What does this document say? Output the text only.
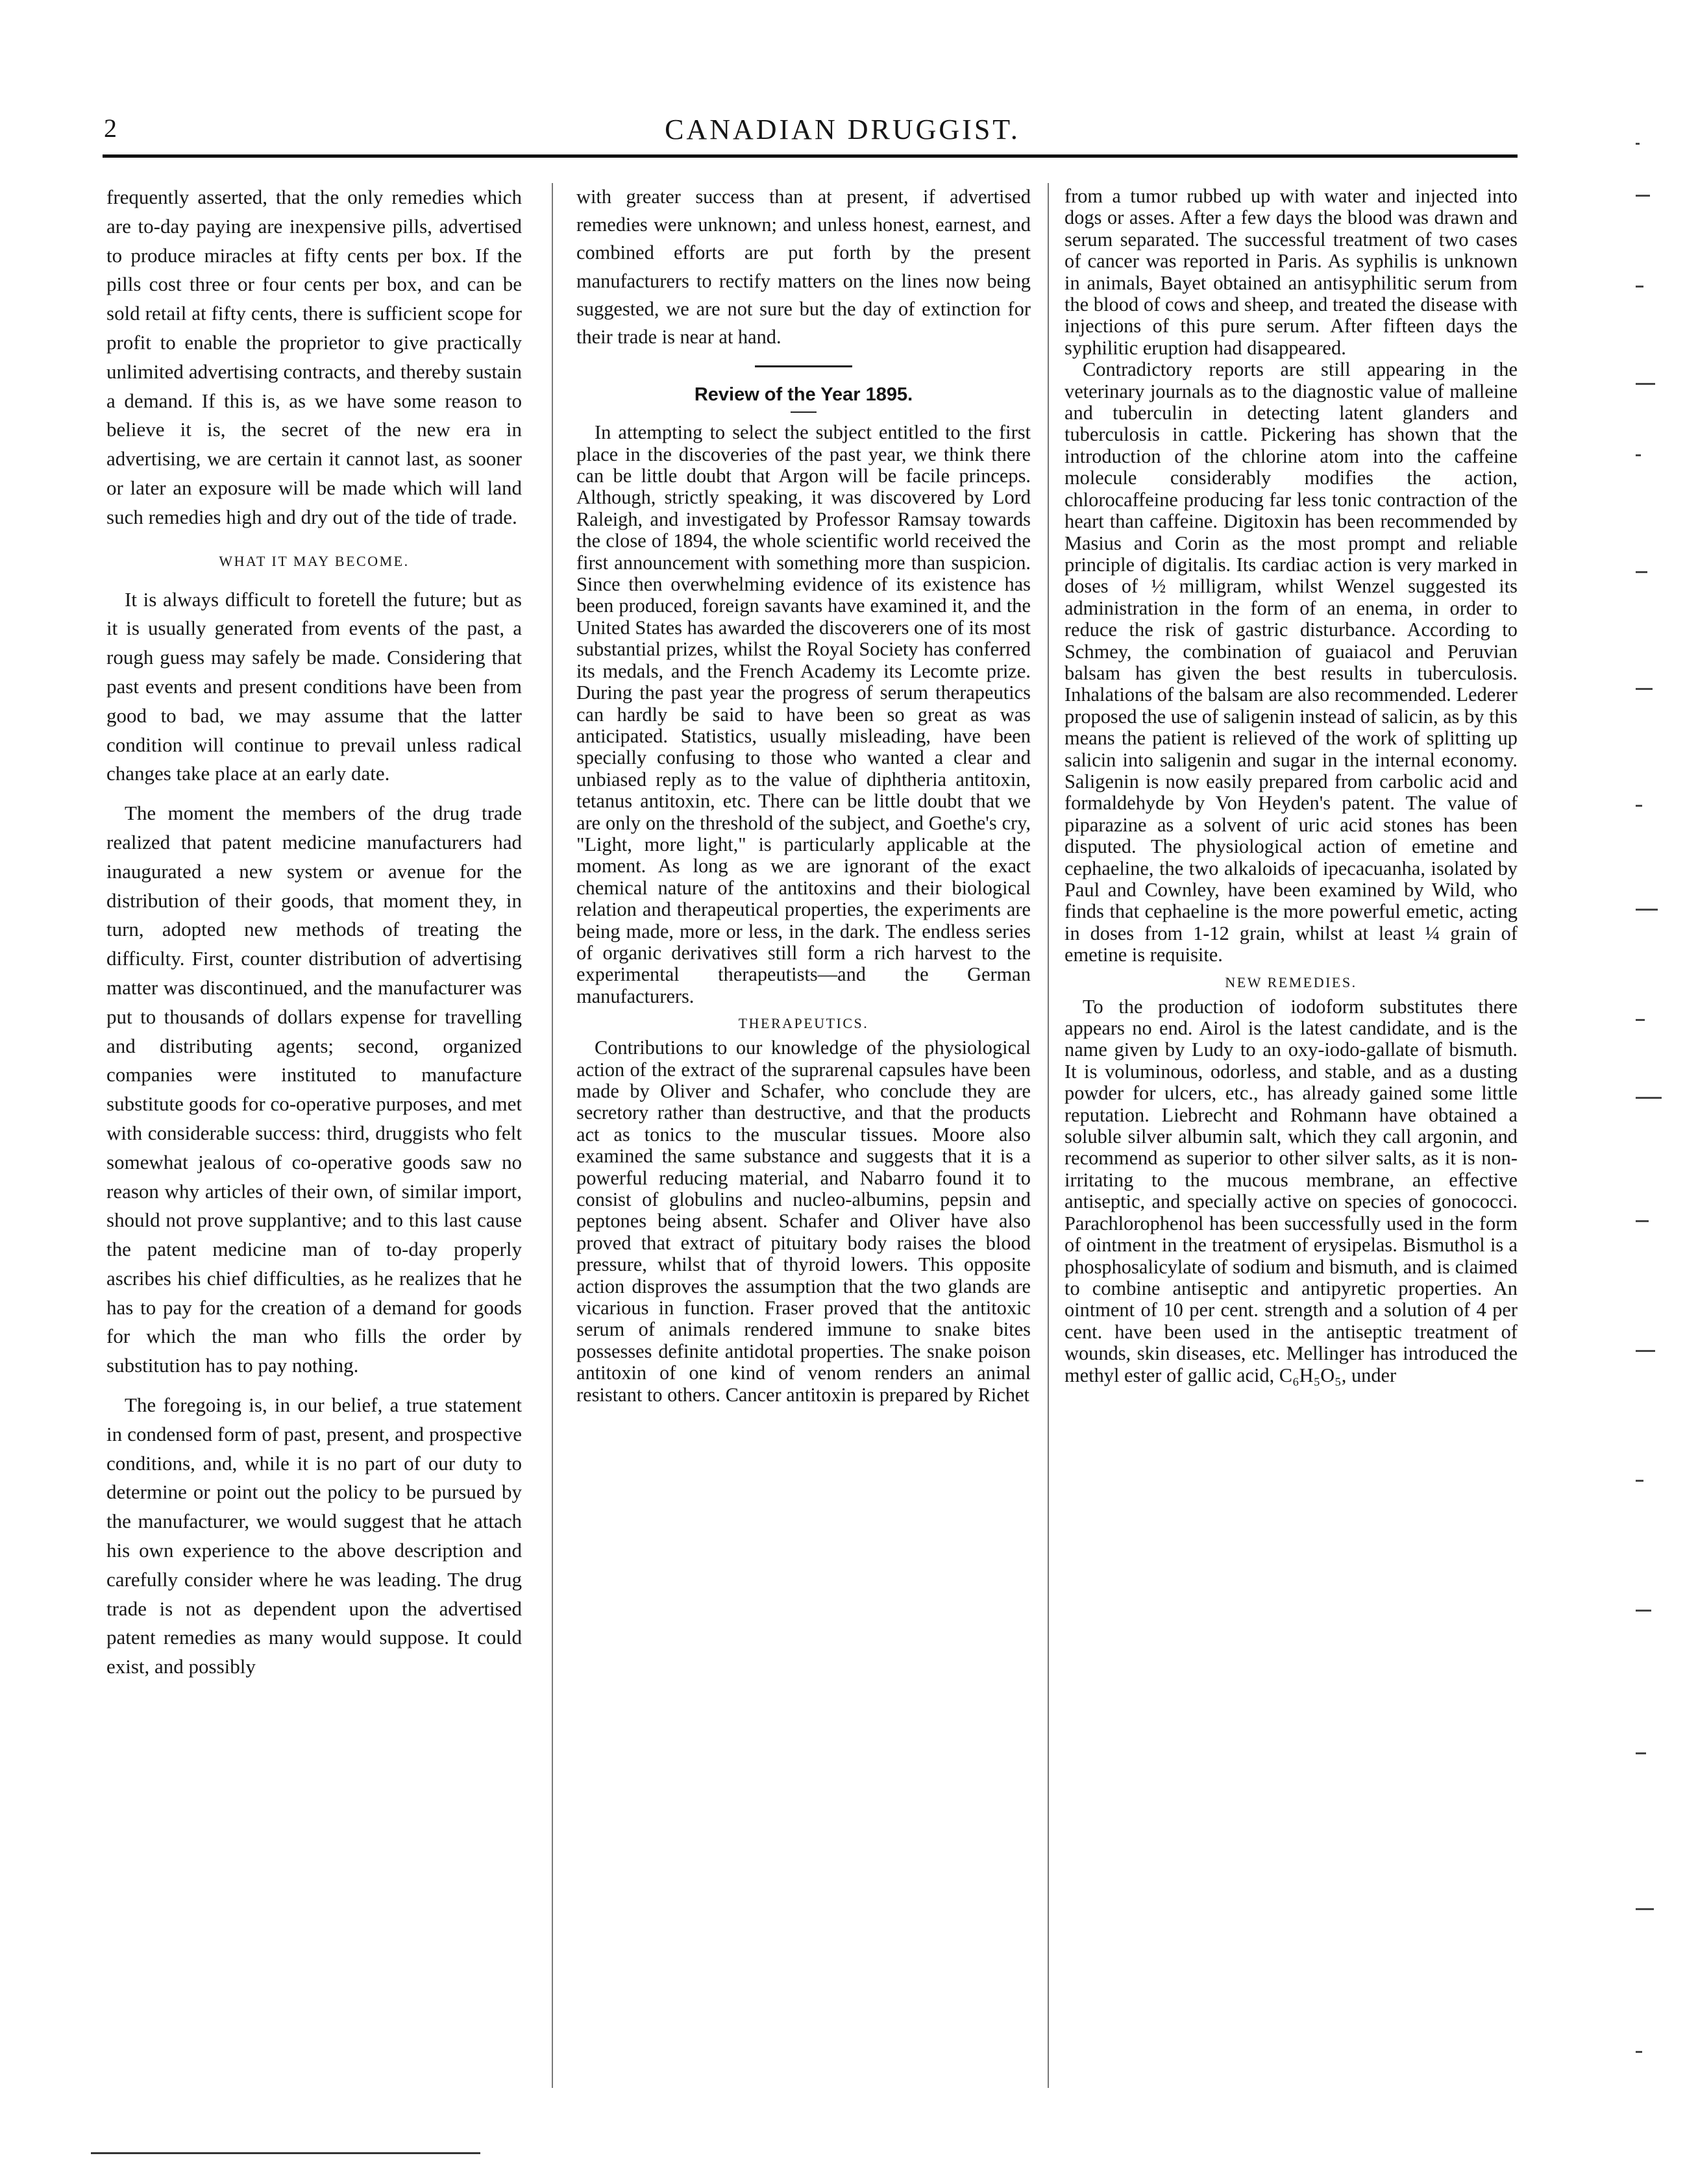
2	CANADIAN DRUGGIST.

frequently asserted, that the only remedies which are to-day paying are inexpensive pills, advertised to produce miracles at fifty cents per box. If the pills cost three or four cents per box, and can be sold retail at fifty cents, there is sufficient scope for profit to enable the proprietor to give practically unlimited advertising contracts, and thereby sustain a demand. If this is, as we have some reason to believe it is, the secret of the new era in advertising, we are certain it cannot last, as sooner or later an exposure will be made which will land such remedies high and dry out of the tide of trade.

WHAT IT MAY BECOME.

It is always difficult to foretell the future; but as it is usually generated from events of the past, a rough guess may safely be made. Considering that past events and present conditions have been from good to bad, we may assume that the latter condition will continue to prevail unless radical changes take place at an early date.

The moment the members of the drug trade realized that patent medicine manufacturers had inaugurated a new system or avenue for the distribution of their goods, that moment they, in turn, adopted new methods of treating the difficulty. First, counter distribution of advertising matter was discontinued, and the manufacturer was put to thousands of dollars expense for travelling and distributing agents; second, organized companies were instituted to manufacture substitute goods for co-operative purposes, and met with considerable success: third, druggists who felt somewhat jealous of co-operative goods saw no reason why articles of their own, of similar import, should not prove supplantive; and to this last cause the patent medicine man of to-day properly ascribes his chief difficulties, as he realizes that he has to pay for the creation of a demand for goods for which the man who fills the order by substitution has to pay nothing.

The foregoing is, in our belief, a true statement in condensed form of past, present, and prospective conditions, and, while it is no part of our duty to determine or point out the policy to be pursued by the manufacturer, we would suggest that he attach his own experience to the above description and carefully consider where he was leading. The drug trade is not as dependent upon the advertised patent remedies as many would suppose. It could exist, and possibly

with greater success than at present, if advertised remedies were unknown; and unless honest, earnest, and combined efforts are put forth by the present manufacturers to rectify matters on the lines now being suggested, we are not sure but the day of extinction for their trade is near at hand.

Review of the Year 1895.

In attempting to select the subject entitled to the first place in the discoveries of the past year, we think there can be little doubt that Argon will be facile princeps. Although, strictly speaking, it was discovered by Lord Raleigh, and investigated by Professor Ramsay towards the close of 1894, the whole scientific world received the first announcement with something more than suspicion. Since then overwhelming evidence of its existence has been produced, foreign savants have examined it, and the United States has awarded the discoverers one of its most substantial prizes, whilst the Royal Society has conferred its medals, and the French Academy its Lecomte prize. During the past year the progress of serum therapeutics can hardly be said to have been so great as was anticipated. Statistics, usually misleading, have been specially confusing to those who wanted a clear and unbiased reply as to the value of diphtheria antitoxin, tetanus antitoxin, etc. There can be little doubt that we are only on the threshold of the subject, and Goethe's cry, "Light, more light," is particularly applicable at the moment. As long as we are ignorant of the exact chemical nature of the antitoxins and their biological relation and therapeutical properties, the experiments are being made, more or less, in the dark. The endless series of organic derivatives still form a rich harvest to the experimental therapeutists—and the German manufacturers.

THERAPEUTICS.

Contributions to our knowledge of the physiological action of the extract of the suprarenal capsules have been made by Oliver and Schafer, who conclude they are secretory rather than destructive, and that the products act as tonics to the muscular tissues. Moore also examined the same substance and suggests that it is a powerful reducing material, and Nabarro found it to consist of globulins and nucleo-albumins, pepsin and peptones being absent. Schafer and Oliver have also proved that extract of pituitary body raises the blood pressure, whilst that of thyroid lowers. This opposite action disproves the assumption that the two glands are vicarious in function. Fraser proved that the antitoxic serum of animals rendered immune to snake bites possesses definite antidotal properties. The snake poison antitoxin of one kind of venom renders an animal resistant to others. Cancer antitoxin is prepared by Richet

from a tumor rubbed up with water and injected into dogs or asses. After a few days the blood was drawn and serum separated. The successful treatment of two cases of cancer was reported in Paris. As syphilis is unknown in animals, Bayet obtained an antisyphilitic serum from the blood of cows and sheep, and treated the disease with injections of this pure serum. After fifteen days the syphilitic eruption had disappeared.

Contradictory reports are still appearing in the veterinary journals as to the diagnostic value of malleine and tuberculin in detecting latent glanders and tuberculosis in cattle. Pickering has shown that the introduction of the chlorine atom into the caffeine molecule considerably modifies the action, chlorocaffeine producing far less tonic contraction of the heart than caffeine. Digitoxin has been recommended by Masius and Corin as the most prompt and reliable principle of digitalis. Its cardiac action is very marked in doses of ½ milligram, whilst Wenzel suggested its administration in the form of an enema, in order to reduce the risk of gastric disturbance. According to Schmey, the combination of guaiacol and Peruvian balsam has given the best results in tuberculosis. Inhalations of the balsam are also recommended. Lederer proposed the use of saligenin instead of salicin, as by this means the patient is relieved of the work of splitting up salicin into saligenin and sugar in the internal economy. Saligenin is now easily prepared from carbolic acid and formaldehyde by Von Heyden's patent. The value of piparazine as a solvent of uric acid stones has been disputed. The physiological action of emetine and cephaeline, the two alkaloids of ipecacuanha, isolated by Paul and Cownley, have been examined by Wild, who finds that cephaeline is the more powerful emetic, acting in doses from 1-12 grain, whilst at least ¼ grain of emetine is requisite.

NEW REMEDIES.

To the production of iodoform substitutes there appears no end. Airol is the latest candidate, and is the name given by Ludy to an oxy-iodo-gallate of bismuth. It is voluminous, odorless, and stable, and as a dusting powder for ulcers, etc., has already gained some little reputation. Liebrecht and Rohmann have obtained a soluble silver albumin salt, which they call argonin, and recommend as superior to other silver salts, as it is non-irritating to the mucous membrane, an effective antiseptic, and specially active on species of gonococci. Parachlorophenol has been successfully used in the form of ointment in the treatment of erysipelas. Bismuthol is a phosphosalicylate of sodium and bismuth, and is claimed to combine antiseptic and antipyretic properties. An ointment of 10 per cent. strength and a solution of 4 per cent. have been used in the antiseptic treatment of wounds, skin diseases, etc. Mellinger has introduced the methyl ester of gallic acid, C₆H₅O₅, under
